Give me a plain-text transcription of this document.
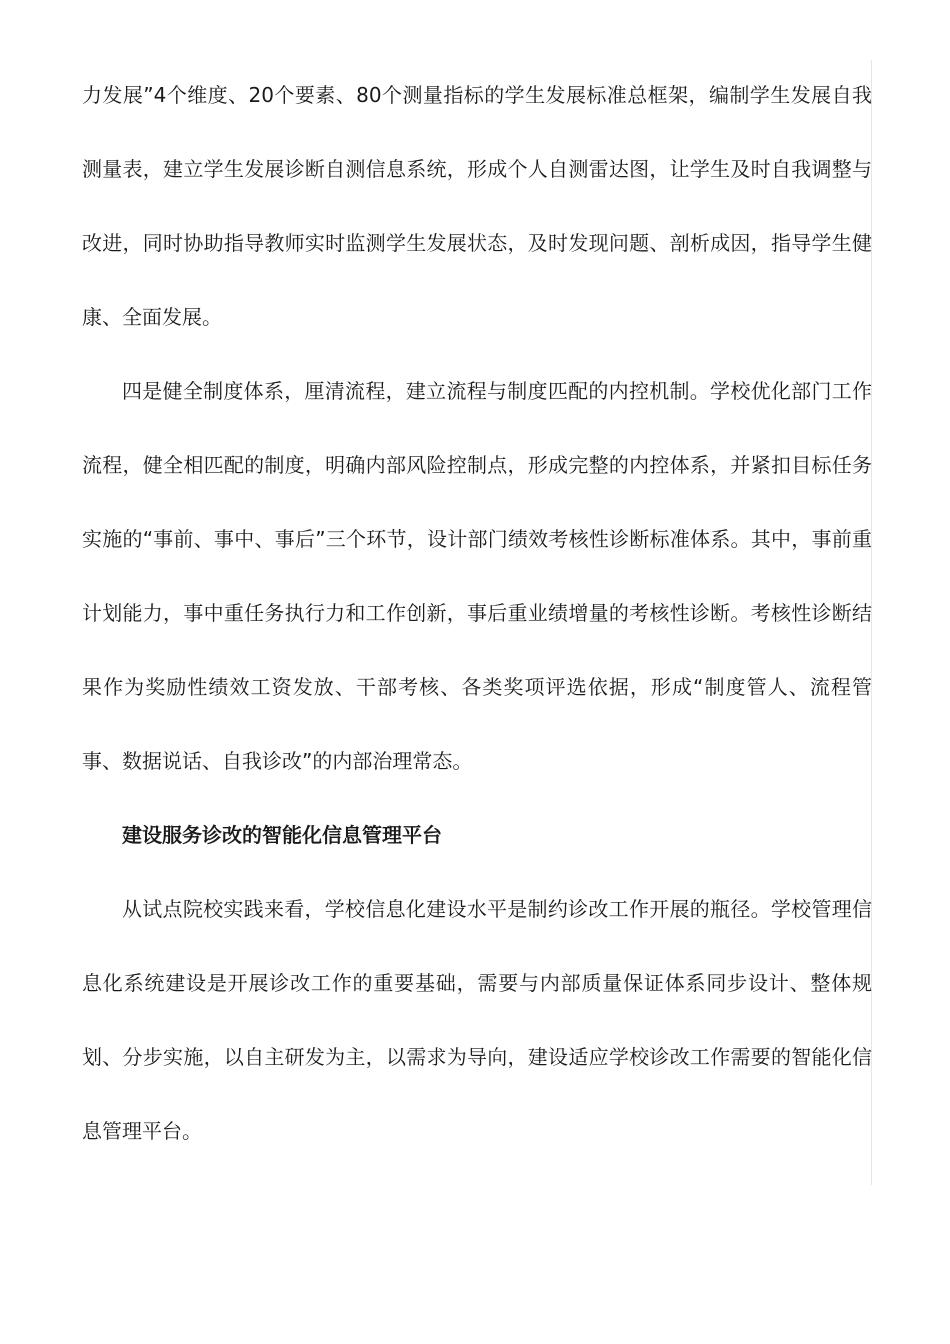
力发展”4个维度、20个要素、80个测量指标的学生发展标准总框架，编制学生发展自我测量表，建立学生发展诊断自测信息系统，形成个人自测雷达图，让学生及时自我调整与改进，同时协助指导教师实时监测学生发展状态，及时发现问题、剖析成因，指导学生健康、全面发展。

四是健全制度体系，厘清流程，建立流程与制度匹配的内控机制。学校优化部门工作流程，健全相匹配的制度，明确内部风险控制点，形成完整的内控体系，并紧扣目标任务实施的“事前、事中、事后”三个环节，设计部门绩效考核性诊断标准体系。其中，事前重计划能力，事中重任务执行力和工作创新，事后重业绩增量的考核性诊断。考核性诊断结果作为奖励性绩效工资发放、干部考核、各类奖项评选依据，形成“制度管人、流程管事、数据说话、自我诊改”的内部治理常态。

建设服务诊改的智能化信息管理平台

从试点院校实践来看，学校信息化建设水平是制约诊改工作开展的瓶径。学校管理信息化系统建设是开展诊改工作的重要基础，需要与内部质量保证体系同步设计、整体规划、分步实施，以自主研发为主，以需求为导向，建设适应学校诊改工作需要的智能化信息管理平台。
